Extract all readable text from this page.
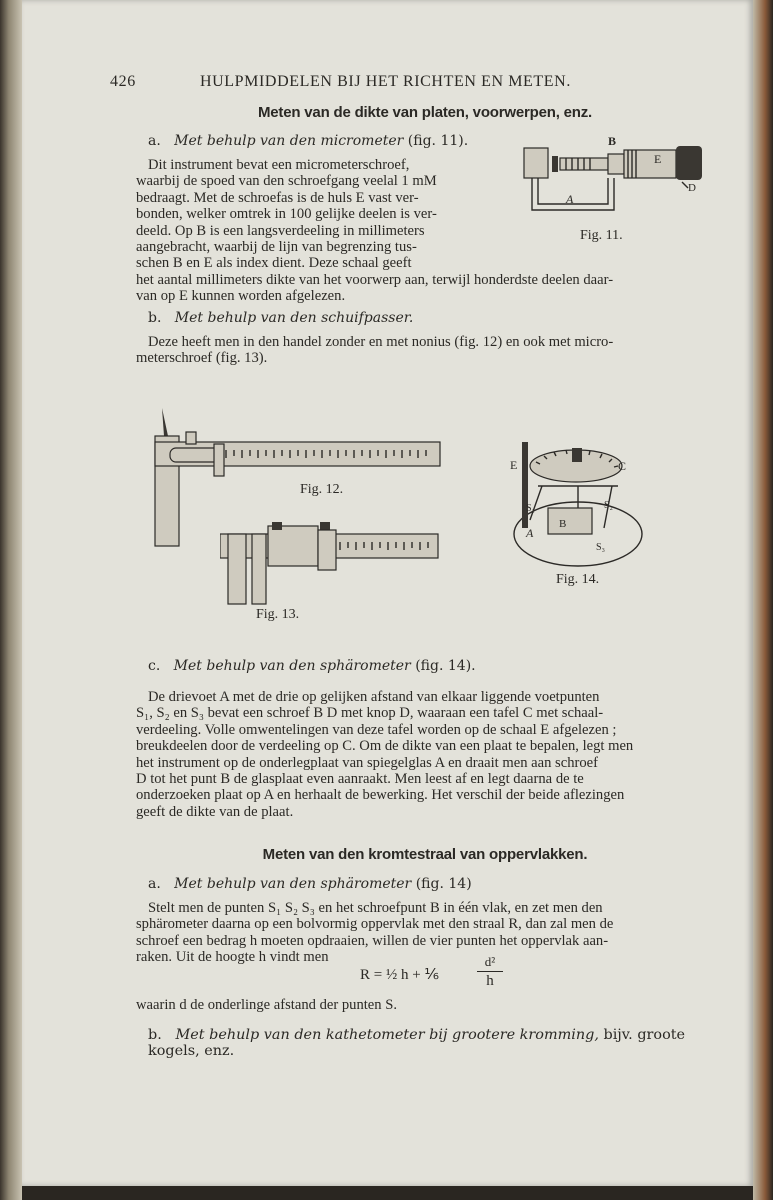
426	HULPMIDDELEN BIJ HET RICHTEN EN METEN.
Meten van de dikte van platen, voorwerpen, enz.
a. Met behulp van den micrometer (fig. 11).
Dit instrument bevat een micrometerschroef,
waarbij de spoed van den schroefgang veelal 1 mM
bedraagt. Met de schroefas is de huls E vast ver-
bonden, welker omtrek in 100 gelijke deelen is ver-
deeld. Op B is een langsverdeeling in millimeters
aangebracht, waarbij de lijn van begrenzing tus-
schen B en E als index dient. Deze schaal geeft
het aantal millimeters dikte van het voorwerp aan, terwijl honderdste deelen daar-
van op E kunnen worden afgelezen.
B
E
A
D
Fig. 11.
b. Met behulp van den schuifpasser.
Deze heeft men in den handel zonder en met nonius (fig. 12) en ook met micro-
meterschroef (fig. 13).
Fig. 12.
Fig. 13.
E	C
A
B
S₁	S₂
S₃
Fig. 14.
c. Met behulp van den sphärometer (fig. 14).
De drievoet A met de drie op gelijken afstand van elkaar liggende voetpunten
S₁, S₂ en S₃ bevat een schroef B D met knop D, waaraan een tafel C met schaal-
verdeeling. Volle omwentelingen van deze tafel worden op de schaal E afgelezen ;
breukdeelen door de verdeeling op C. Om de dikte van een plaat te bepalen, legt men
het instrument op de onderlegplaat van spiegelglas A en draait men aan schroef
D tot het punt B de glasplaat even aanraakt. Men leest af en legt daarna de te
onderzoeken plaat op A en herhaalt de bewerking. Het verschil der beide aflezingen
geeft de dikte van de plaat.
Meten van den kromtestraal van oppervlakken.
a. Met behulp van den sphärometer (fig. 14)
Stelt men de punten S₁ S₂ S₃ en het schroefpunt B in één vlak, en zet men den
sphärometer daarna op een bolvormig oppervlak met den straal R, dan zal men de
schroef een bedrag h moeten opdraaien, willen de vier punten het oppervlak aan-
raken. Uit de hoogte h vindt men
R = ½ h + ⅙	$\frac{\text{d²}}{h}$
waarin d de onderlinge afstand der punten S.
b. Met behulp van den kathetometer bij grootere kromming, bijv. groote kogels, enz.
